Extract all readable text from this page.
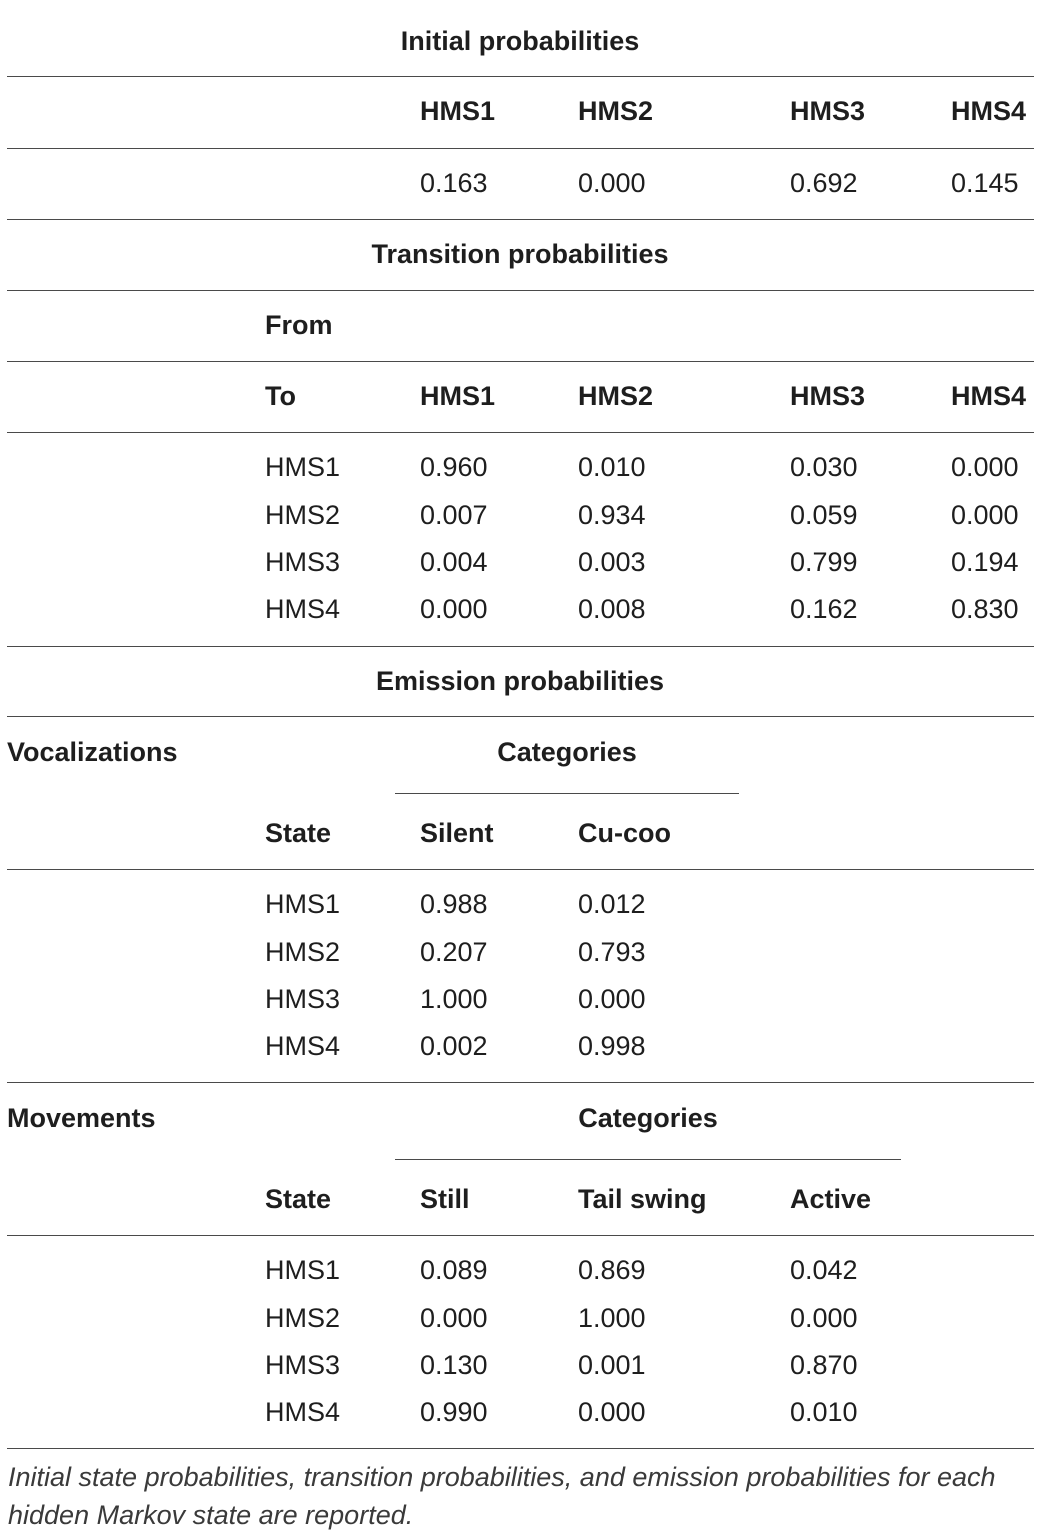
Initial probabilities
HMS1	HMS2	HMS3	HMS4
0.163	0.000	0.692	0.145
Transition probabilities
From
To	HMS1	HMS2	HMS3	HMS4
HMS1	0.960	0.010	0.030	0.000
HMS2	0.007	0.934	0.059	0.000
HMS3	0.004	0.003	0.799	0.194
HMS4	0.000	0.008	0.162	0.830
Emission probabilities
Vocalizations	Categories
State	Silent	Cu-coo
HMS1	0.988	0.012
HMS2	0.207	0.793
HMS3	1.000	0.000
HMS4	0.002	0.998
Movements	Categories
State	Still	Tail swing	Active
HMS1	0.089	0.869	0.042
HMS2	0.000	1.000	0.000
HMS3	0.130	0.001	0.870
HMS4	0.990	0.000	0.010
Initial state probabilities, transition probabilities, and emission probabilities for each hidden Markov state are reported.
